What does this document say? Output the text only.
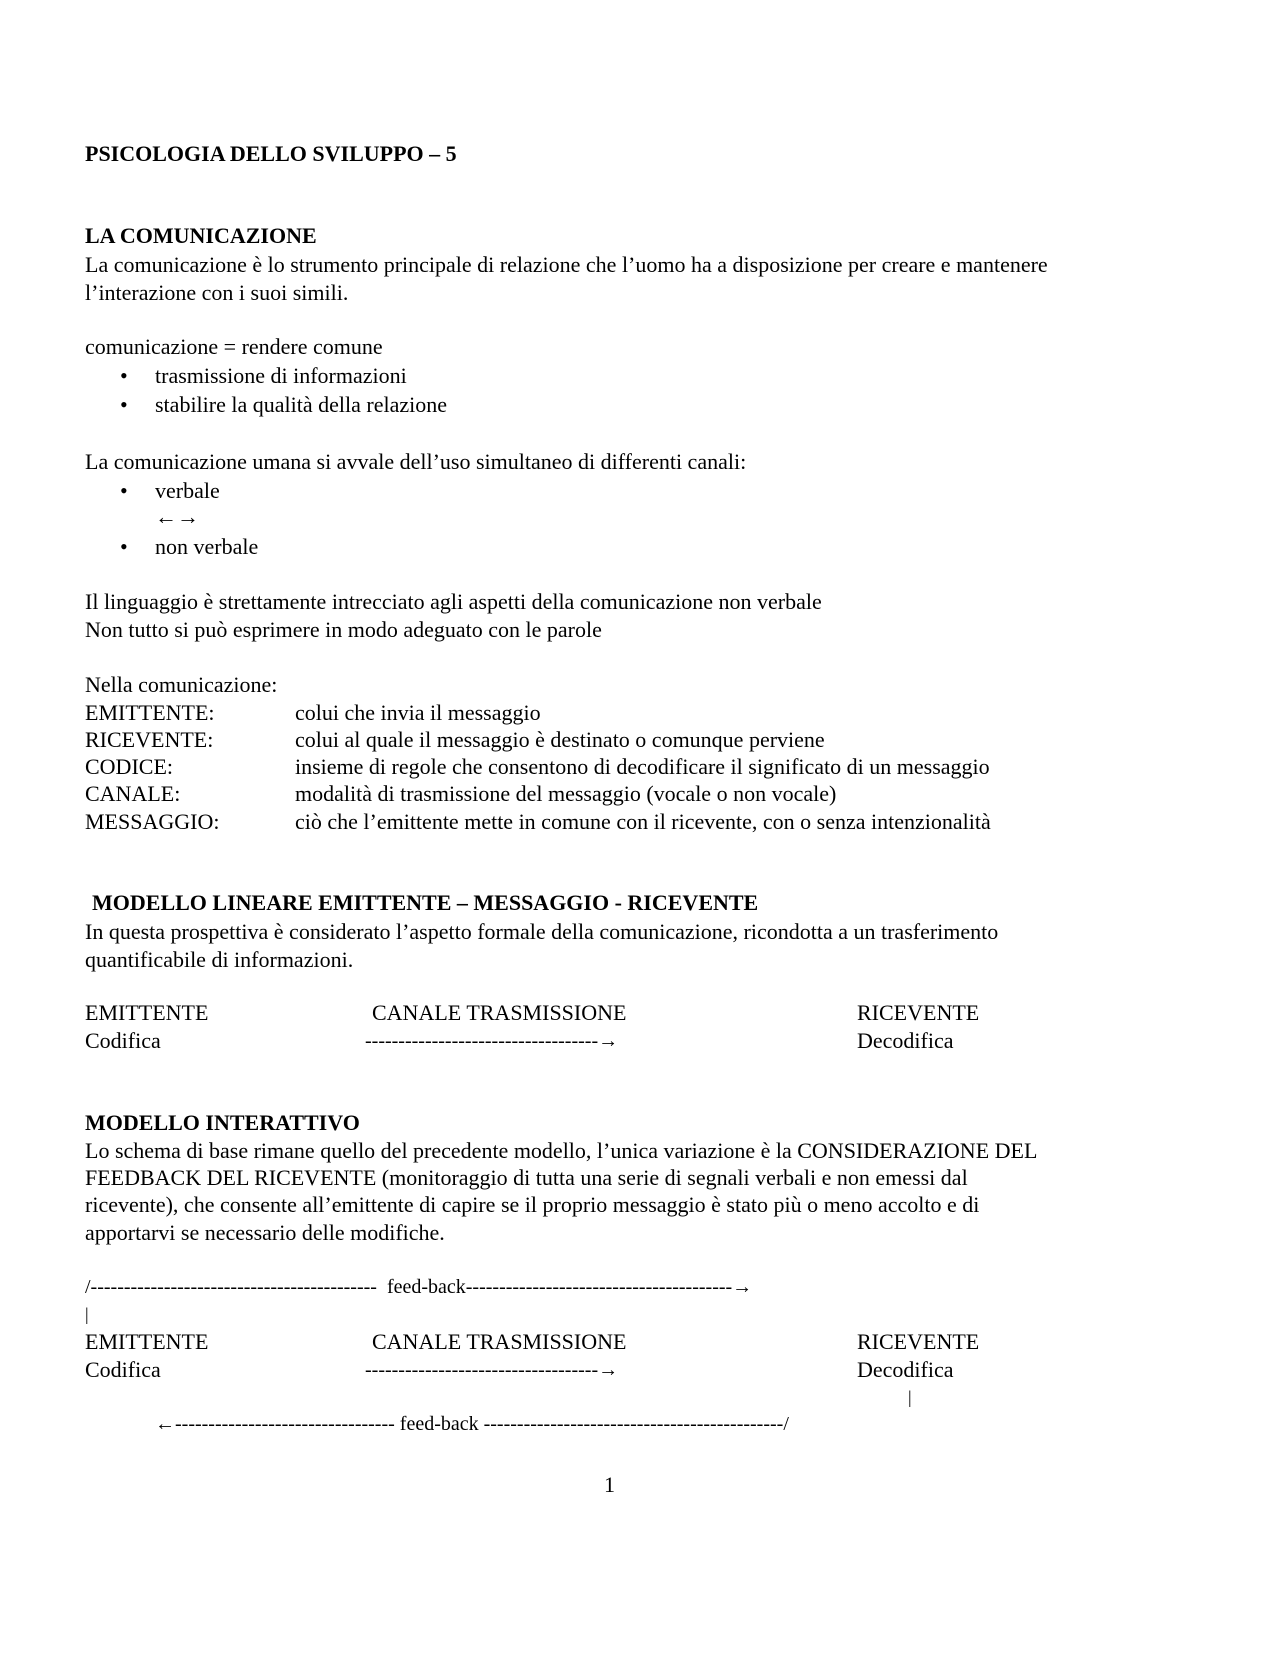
PSICOLOGIA DELLO SVILUPPO – 5
LA COMUNICAZIONE
La comunicazione è lo strumento principale di relazione che l’uomo ha a disposizione per creare e mantenere
l’interazione con i suoi simili.
comunicazione = rendere comune
• trasmissione di informazioni
• stabilire la qualità della relazione
La comunicazione umana si avvale dell’uso simultaneo di differenti canali:
• verbale
←→
• non verbale
Il linguaggio è strettamente intrecciato agli aspetti della comunicazione non verbale
Non tutto si può esprimere in modo adeguato con le parole
Nella comunicazione:
EMITTENTE:	colui che invia il messaggio
RICEVENTE:	colui al quale il messaggio è destinato o comunque perviene
CODICE:	insieme di regole che consentono di decodificare il significato di un messaggio
CANALE:	modalità di trasmissione del messaggio (vocale o non vocale)
MESSAGGIO:	ciò che l’emittente mette in comune con il ricevente, con o senza intenzionalità
MODELLO LINEARE EMITTENTE – MESSAGGIO - RICEVENTE
In questa prospettiva è considerato l’aspetto formale della comunicazione, ricondotta a un trasferimento
quantificabile di informazioni.
EMITTENTE	CANALE TRASMISSIONE	RICEVENTE
Codifica	-----------------------------------→	Decodifica
MODELLO INTERATTIVO
Lo schema di base rimane quello del precedente modello, l’unica variazione è la CONSIDERAZIONE DEL
FEEDBACK DEL RICEVENTE (monitoraggio di tutta una serie di segnali verbali e non emessi dal
ricevente), che consente all’emittente di capire se il proprio messaggio è stato più o meno accolto e di
apportarvi se necessario delle modifiche.
/-------------------------------------------  feed-back----------------------------------------→
|
EMITTENTE	CANALE TRASMISSIONE	RICEVENTE
Codifica	-----------------------------------→	Decodifica
|
←--------------------------------- feed-back ---------------------------------------------/
1
